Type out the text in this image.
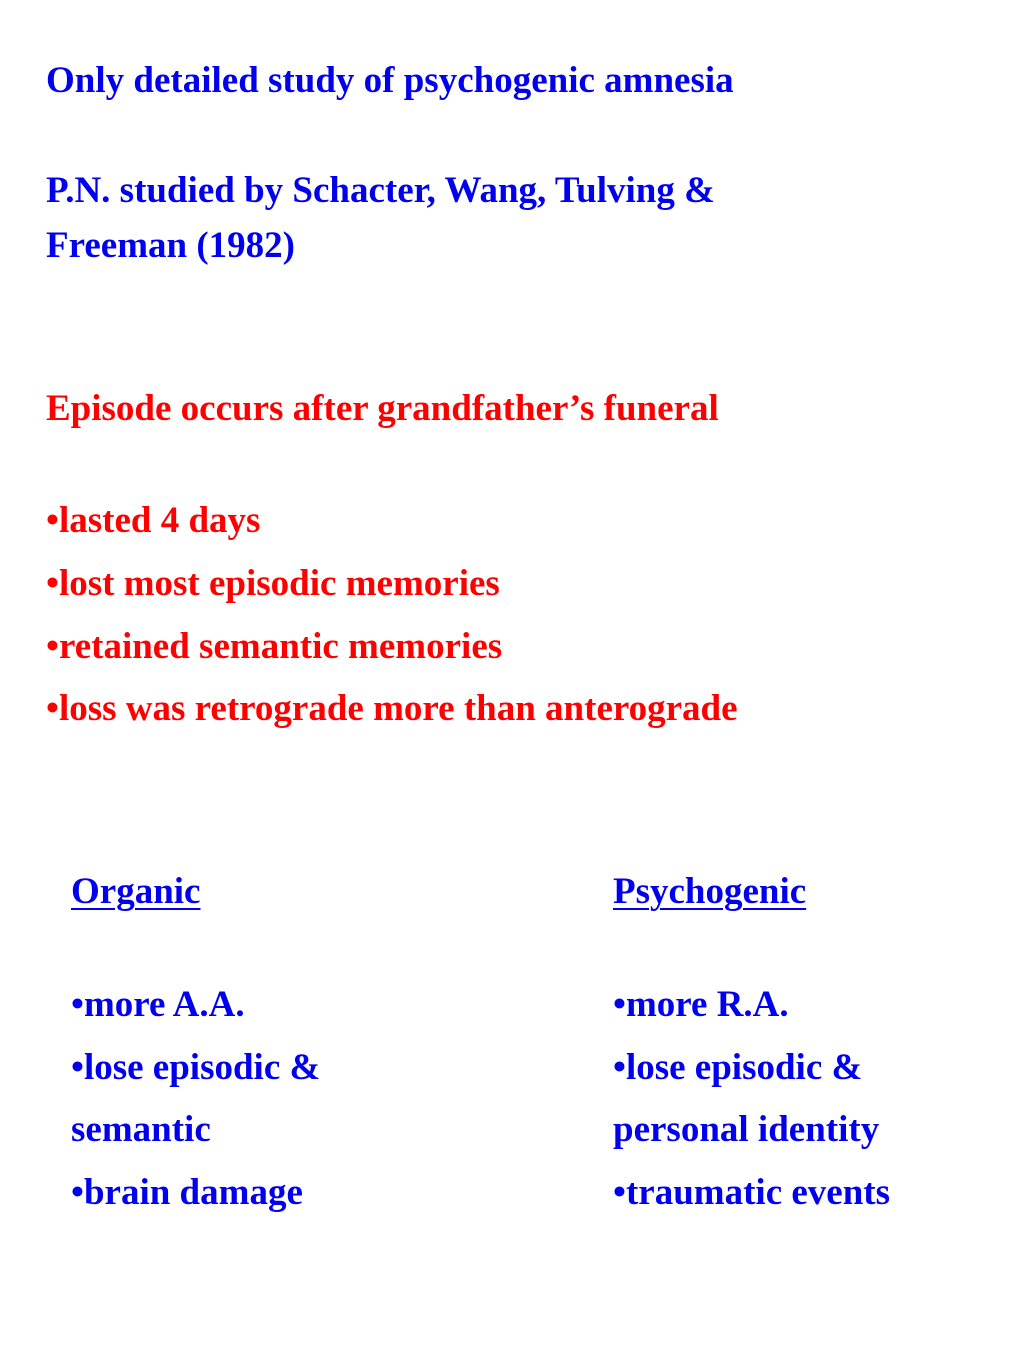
Only detailed study of psychogenic amnesia
P.N. studied by Schacter, Wang, Tulving &
Freeman (1982)
Episode occurs after grandfather’s funeral
•lasted 4 days
•lost most episodic memories
•retained semantic memories
•loss was retrograde more than anterograde
Organic
•more A.A.
•lose episodic &
semantic
•brain damage
Psychogenic
•more R.A.
•lose episodic &
personal identity
•traumatic events
